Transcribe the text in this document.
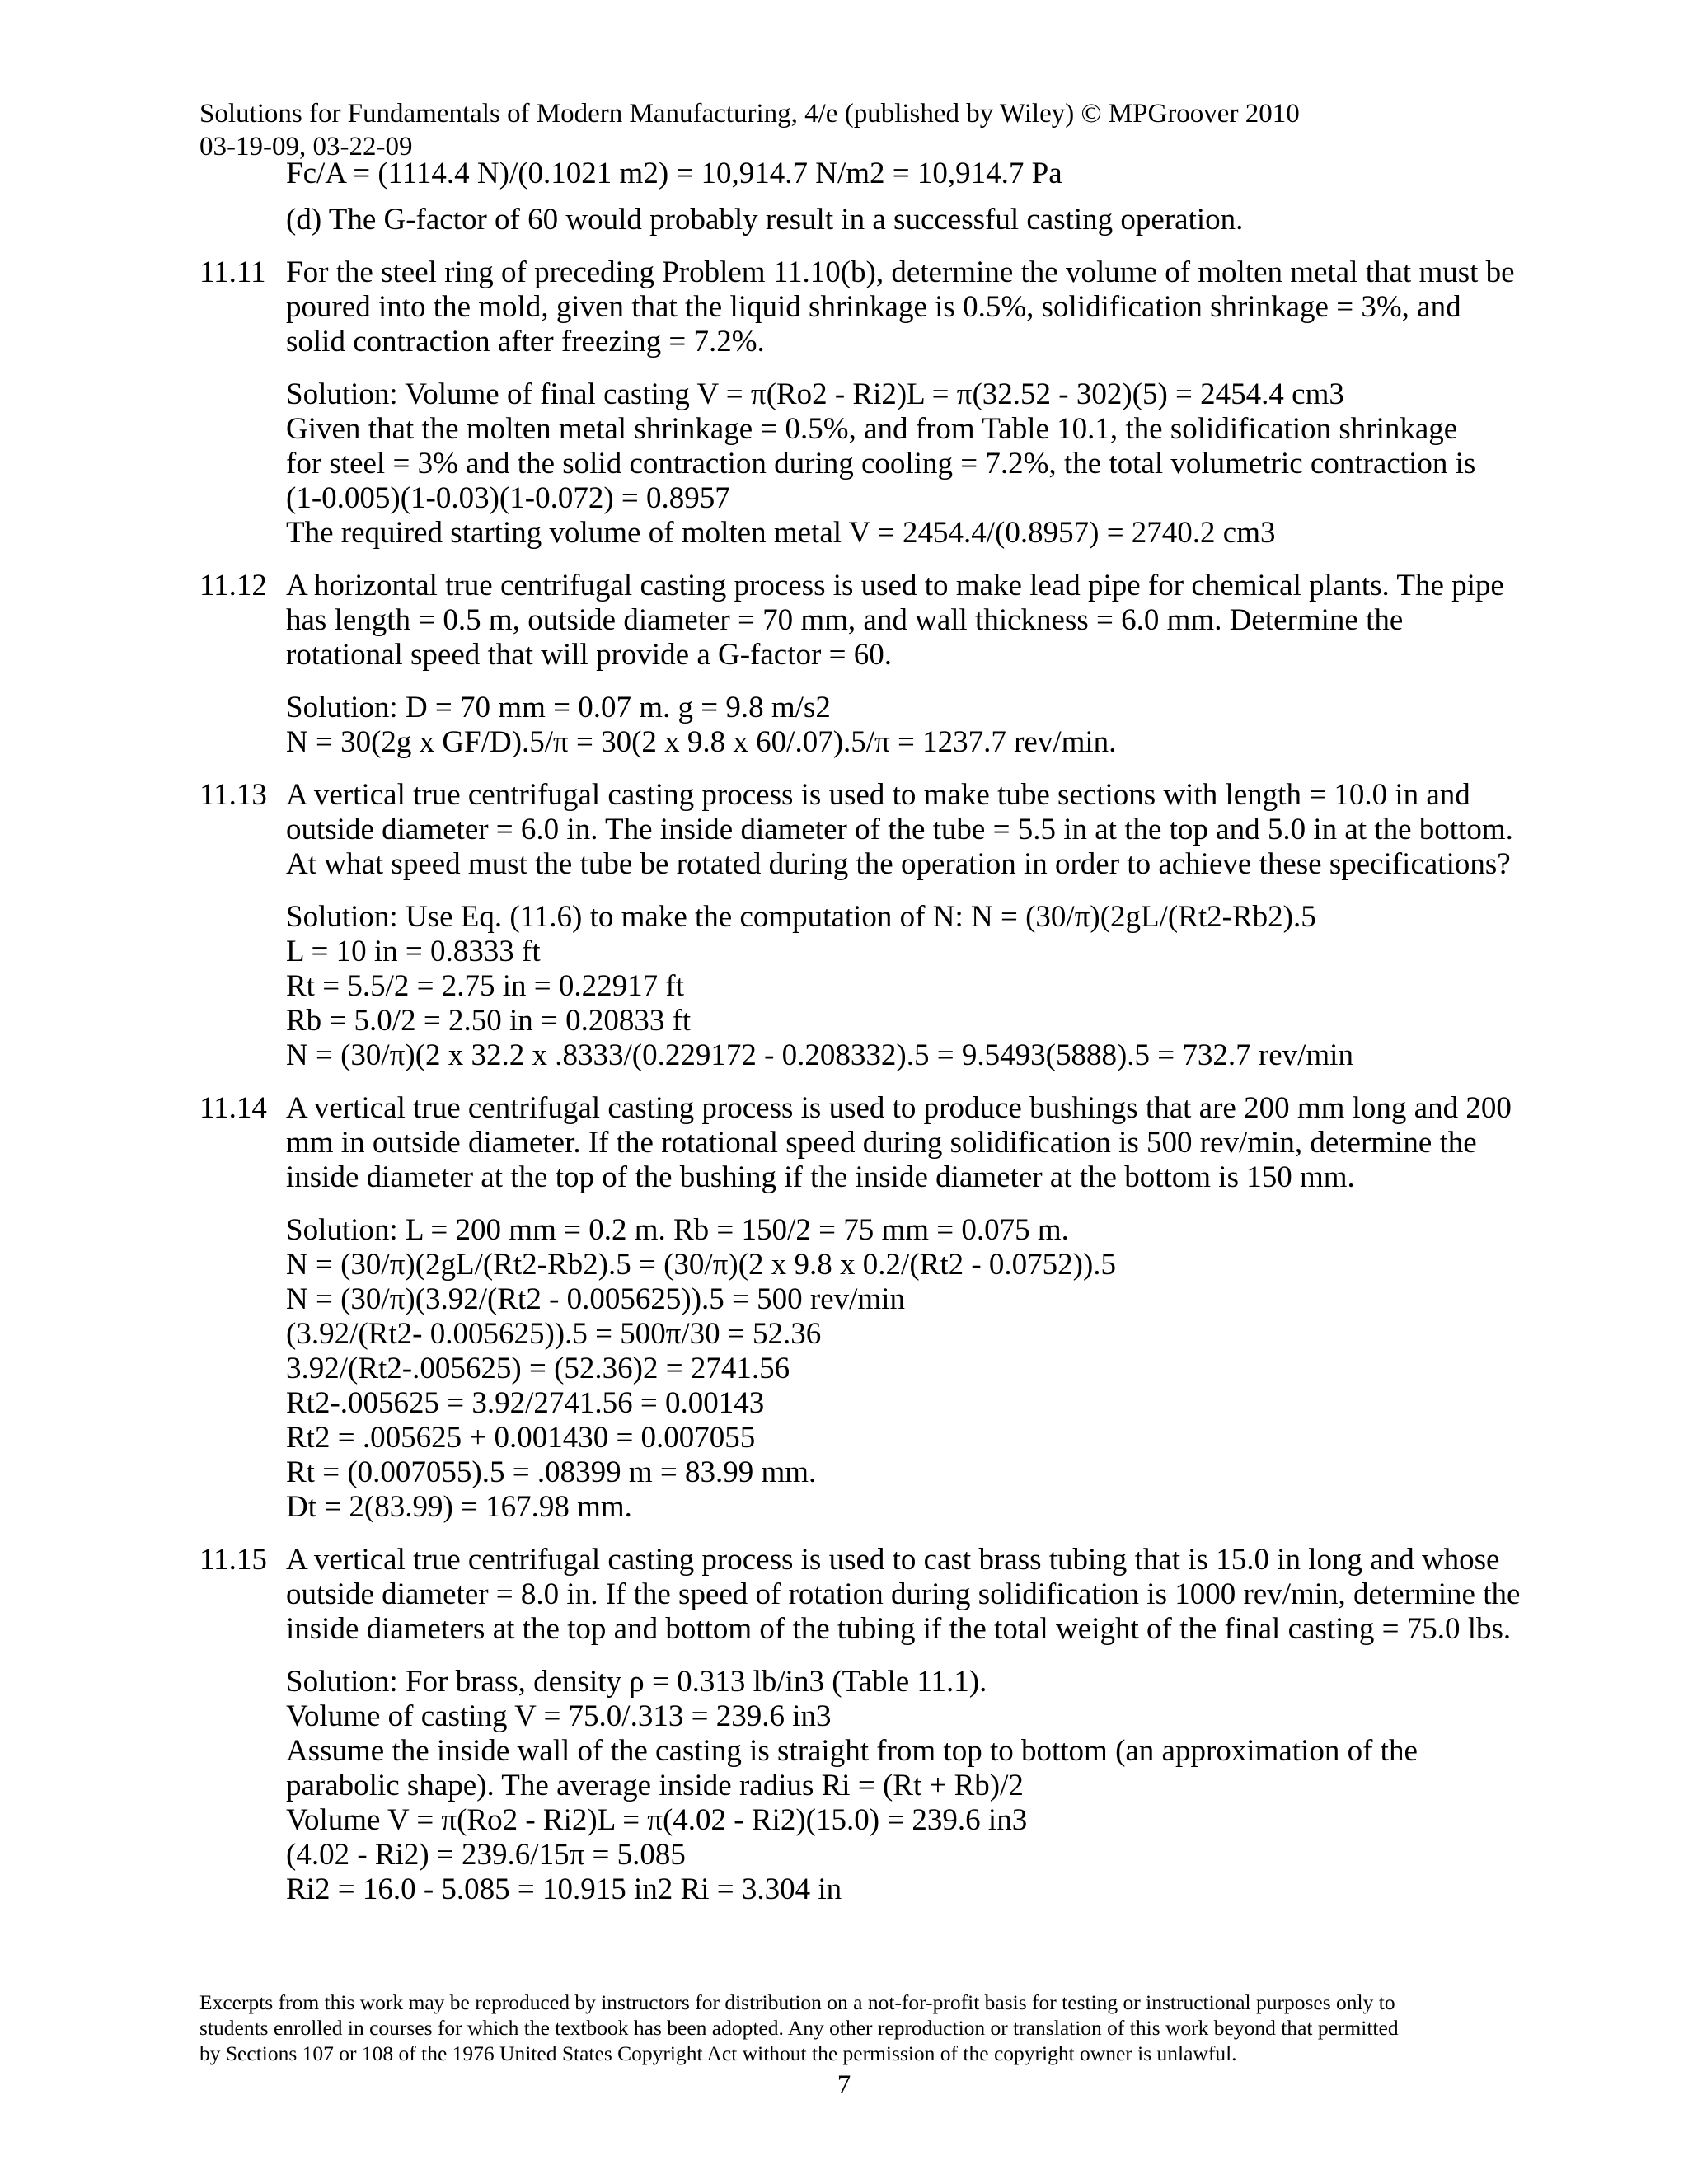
Solutions for Fundamentals of Modern Manufacturing, 4/e (published by Wiley) © MPGroover 2010
03-19-09, 03-22-09
Fc/A = (1114.4 N)/(0.1021 m2) = 10,914.7 N/m2 = 10,914.7 Pa
(d) The G-factor of 60 would probably result in a successful casting operation.
11.11 For the steel ring of preceding Problem 11.10(b), determine the volume of molten metal that must be
poured into the mold, given that the liquid shrinkage is 0.5%, solidification shrinkage = 3%, and
solid contraction after freezing = 7.2%.
Solution: Volume of final casting V = π(Ro2 - Ri2)L = π(32.52 - 302)(5) = 2454.4 cm3
Given that the molten metal shrinkage = 0.5%, and from Table 10.1, the solidification shrinkage
for steel = 3% and the solid contraction during cooling = 7.2%, the total volumetric contraction is
(1-0.005)(1-0.03)(1-0.072) = 0.8957
The required starting volume of molten metal V = 2454.4/(0.8957) = 2740.2 cm3
11.12 A horizontal true centrifugal casting process is used to make lead pipe for chemical plants. The pipe
has length = 0.5 m, outside diameter = 70 mm, and wall thickness = 6.0 mm. Determine the
rotational speed that will provide a G-factor = 60.
Solution: D = 70 mm = 0.07 m. g = 9.8 m/s2
N = 30(2g x GF/D).5/π = 30(2 x 9.8 x 60/.07).5/π = 1237.7 rev/min.
11.13 A vertical true centrifugal casting process is used to make tube sections with length = 10.0 in and
outside diameter = 6.0 in. The inside diameter of the tube = 5.5 in at the top and 5.0 in at the bottom.
At what speed must the tube be rotated during the operation in order to achieve these specifications?
Solution: Use Eq. (11.6) to make the computation of N: N = (30/π)(2gL/(Rt2-Rb2).5
L = 10 in = 0.8333 ft
Rt = 5.5/2 = 2.75 in = 0.22917 ft
Rb = 5.0/2 = 2.50 in = 0.20833 ft
N = (30/π)(2 x 32.2 x .8333/(0.229172 - 0.208332).5 = 9.5493(5888).5 = 732.7 rev/min
11.14 A vertical true centrifugal casting process is used to produce bushings that are 200 mm long and 200
mm in outside diameter. If the rotational speed during solidification is 500 rev/min, determine the
inside diameter at the top of the bushing if the inside diameter at the bottom is 150 mm.
Solution: L = 200 mm = 0.2 m. Rb = 150/2 = 75 mm = 0.075 m.
N = (30/π)(2gL/(Rt2-Rb2).5 = (30/π)(2 x 9.8 x 0.2/(Rt2 - 0.0752)).5
N = (30/π)(3.92/(Rt2 - 0.005625)).5 = 500 rev/min
(3.92/(Rt2- 0.005625)).5 = 500π/30 = 52.36
3.92/(Rt2-.005625) = (52.36)2 = 2741.56
Rt2-.005625 = 3.92/2741.56 = 0.00143
Rt2 = .005625 + 0.001430 = 0.007055
Rt = (0.007055).5 = .08399 m = 83.99 mm.
Dt = 2(83.99) = 167.98 mm.
11.15 A vertical true centrifugal casting process is used to cast brass tubing that is 15.0 in long and whose
outside diameter = 8.0 in. If the speed of rotation during solidification is 1000 rev/min, determine the
inside diameters at the top and bottom of the tubing if the total weight of the final casting = 75.0 lbs.
Solution: For brass, density ρ = 0.313 lb/in3 (Table 11.1).
Volume of casting V = 75.0/.313 = 239.6 in3
Assume the inside wall of the casting is straight from top to bottom (an approximation of the
parabolic shape). The average inside radius Ri = (Rt + Rb)/2
Volume V = π(Ro2 - Ri2)L = π(4.02 - Ri2)(15.0) = 239.6 in3
(4.02 - Ri2) = 239.6/15π = 5.085
Ri2 = 16.0 - 5.085 = 10.915 in2 Ri = 3.304 in
Excerpts from this work may be reproduced by instructors for distribution on a not-for-profit basis for testing or instructional purposes only to
students enrolled in courses for which the textbook has been adopted. Any other reproduction or translation of this work beyond that permitted
by Sections 107 or 108 of the 1976 United States Copyright Act without the permission of the copyright owner is unlawful.
7
